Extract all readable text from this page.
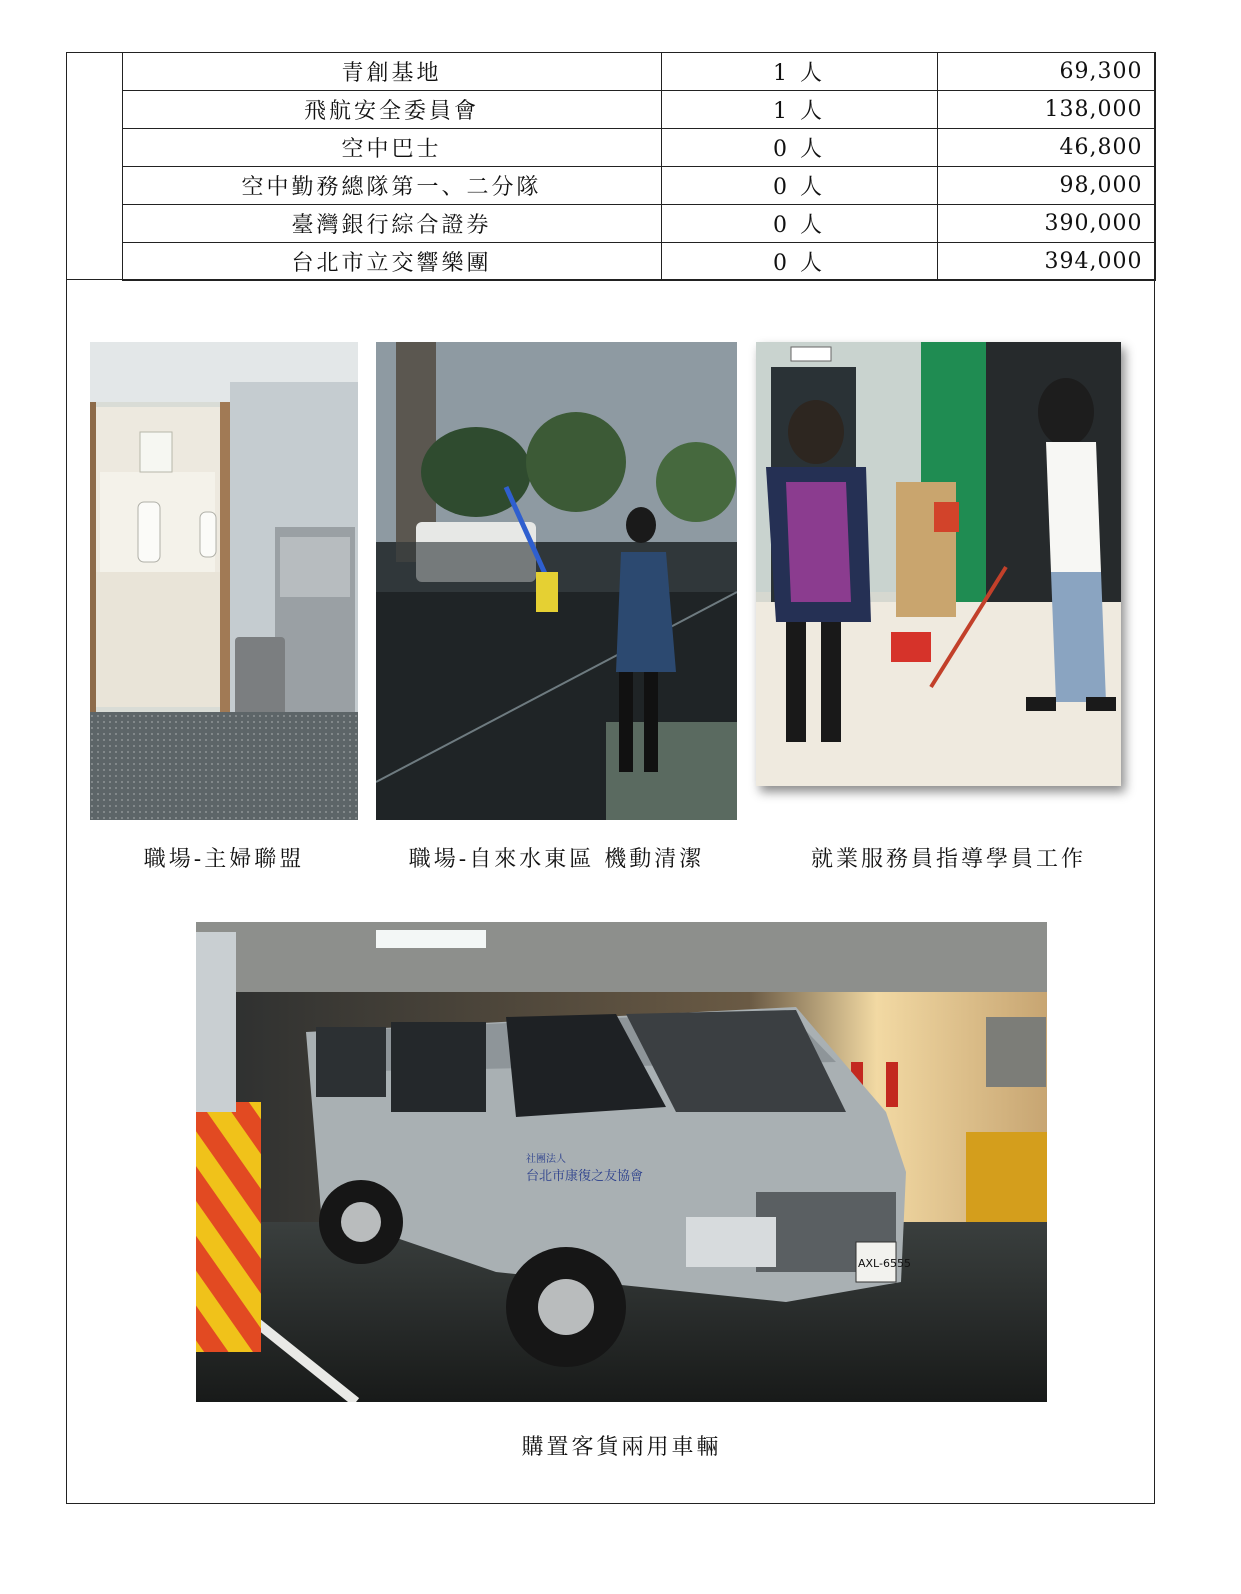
	青創基地	1 人	69,300
	飛航安全委員會	1 人	138,000
	空中巴士	0 人	46,800
	空中勤務總隊第一、二分隊	0 人	98,000
	臺灣銀行綜合證券	0 人	390,000
	台北市立交響樂團	0 人	394,000
職場-主婦聯盟	職場-自來水東區 機動清潔	就業服務員指導學員工作
社團法人
台北市康復之友協會
AXL-6555
購置客貨兩用車輛
